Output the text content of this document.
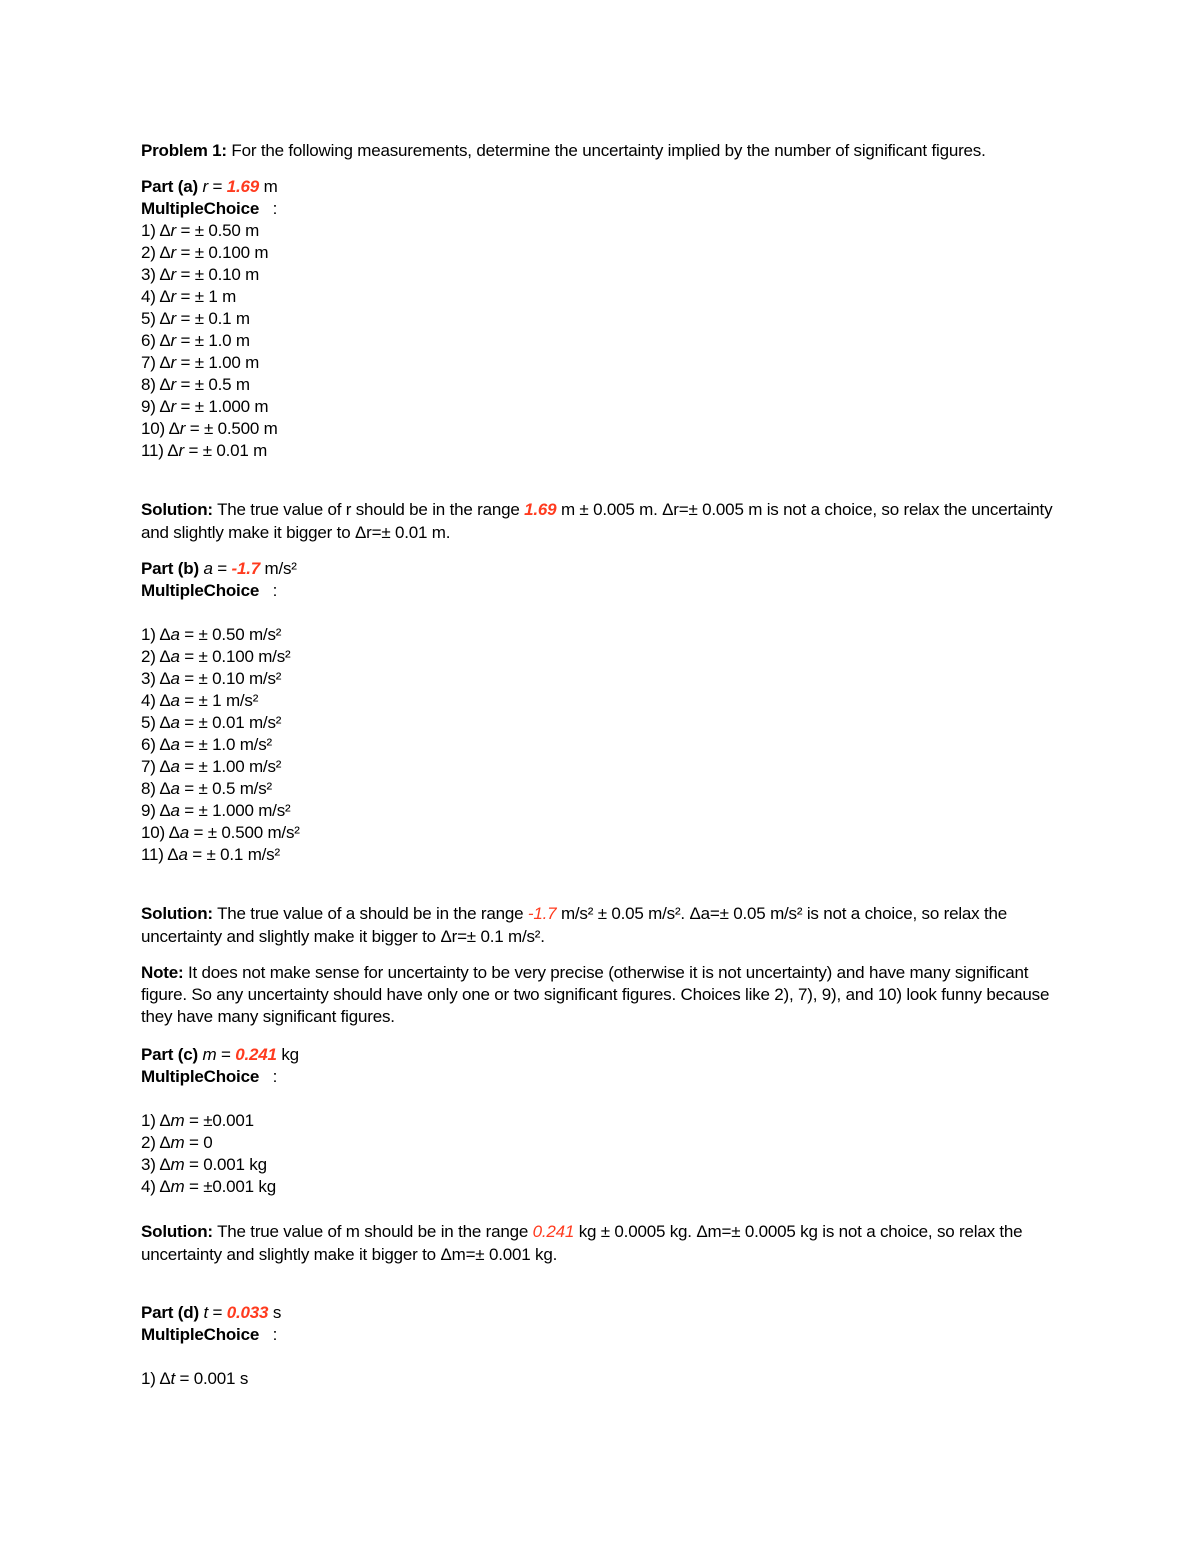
Problem 1: For the following measurements, determine the uncertainty implied by the number of significant figures.
Part (a) r = 1.69 m
MultipleChoice :
1) Δr = ± 0.50 m
2) Δr = ± 0.100 m
3) Δr = ± 0.10 m
4) Δr = ± 1 m
5) Δr = ± 0.1 m
6) Δr = ± 1.0 m
7) Δr = ± 1.00 m
8) Δr = ± 0.5 m
9) Δr = ± 1.000 m
10) Δr = ± 0.500 m
11) Δr = ± 0.01 m
Solution: The true value of r should be in the range 1.69 m ± 0.005 m. Δr=± 0.005 m is not a choice, so relax the uncertainty and slightly make it bigger to Δr=± 0.01 m.
Part (b) a = -1.7 m/s²
MultipleChoice :
1) Δa = ± 0.50 m/s²
2) Δa = ± 0.100 m/s²
3) Δa = ± 0.10 m/s²
4) Δa = ± 1 m/s²
5) Δa = ± 0.01 m/s²
6) Δa = ± 1.0 m/s²
7) Δa = ± 1.00 m/s²
8) Δa = ± 0.5 m/s²
9) Δa = ± 1.000 m/s²
10) Δa = ± 0.500 m/s²
11) Δa = ± 0.1 m/s²
Solution: The true value of a should be in the range -1.7 m/s² ± 0.05 m/s². Δa=± 0.05 m/s² is not a choice, so relax the uncertainty and slightly make it bigger to Δr=± 0.1 m/s².
Note: It does not make sense for uncertainty to be very precise (otherwise it is not uncertainty) and have many significant figure. So any uncertainty should have only one or two significant figures. Choices like 2), 7), 9), and 10) look funny because they have many significant figures.
Part (c) m = 0.241 kg
MultipleChoice :
1) Δm = ±0.001
2) Δm = 0
3) Δm = 0.001 kg
4) Δm = ±0.001 kg
Solution: The true value of m should be in the range 0.241 kg ± 0.0005 kg. Δm=± 0.0005 kg is not a choice, so relax the uncertainty and slightly make it bigger to Δm=± 0.001 kg.
Part (d) t = 0.033 s
MultipleChoice :
1) Δt = 0.001 s
